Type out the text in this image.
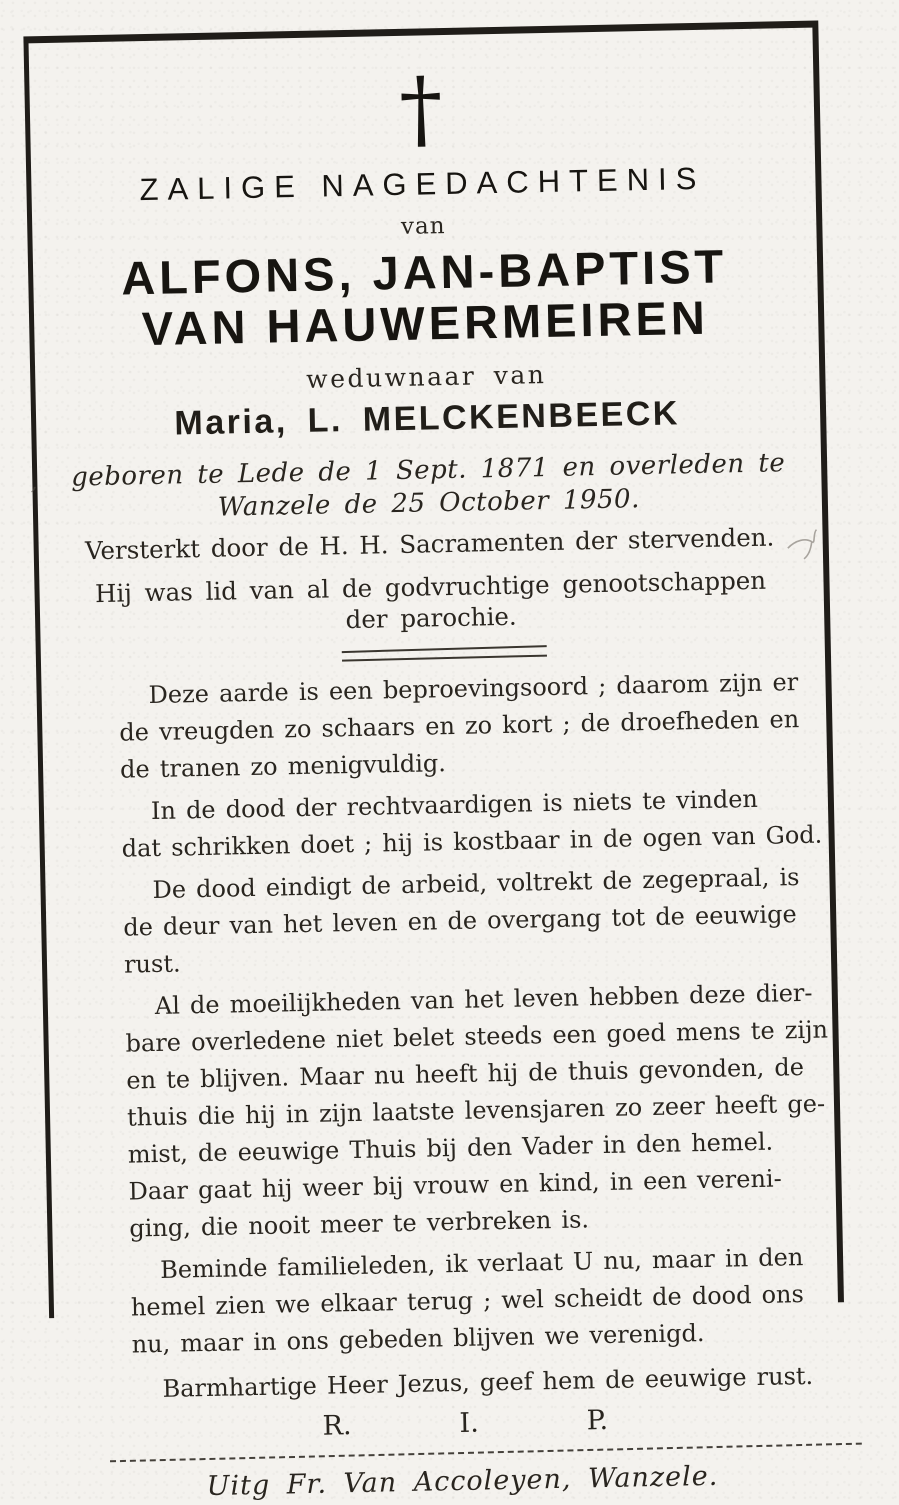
†
ZALIGE NAGEDACHTENIS
van
ALFONS, JAN-BAPTIST
VAN HAUWERMEIREN
weduwnaar van
Maria, L. MELCKENBEECK
geboren te Lede de 1 Sept. 1871 en overleden te
Wanzele de 25 October 1950.
Versterkt door de H. H. Sacramenten der stervenden.
Hij was lid van al de godvruchtige genootschappen
der parochie.

Deze aarde is een beproevingsoord ; daarom zijn er
de vreugden zo schaars en zo kort ; de droefheden en
de tranen zo menigvuldig.

In de dood der rechtvaardigen is niets te vinden
dat schrikken doet ; hij is kostbaar in de ogen van God.

De dood eindigt de arbeid, voltrekt de zegepraal, is
de deur van het leven en de overgang tot de eeuwige
rust.

Al de moeilijkheden van het leven hebben deze dier-
bare overledene niet belet steeds een goed mens te zijn
en te blijven. Maar nu heeft hij de thuis gevonden, de
thuis die hij in zijn laatste levensjaren zo zeer heeft ge-
mist, de eeuwige Thuis bij den Vader in den hemel.
Daar gaat hij weer bij vrouw en kind, in een vereni-
ging, die nooit meer te verbreken is.

Beminde familieleden, ik verlaat U nu, maar in den
hemel zien we elkaar terug ; wel scheidt de dood ons
nu, maar in ons gebeden blijven we verenigd.

Barmhartige Heer Jezus, geef hem de eeuwige rust.

R.	I.	P.
Uitg Fr. Van Accoleyen, Wanzele.
,
